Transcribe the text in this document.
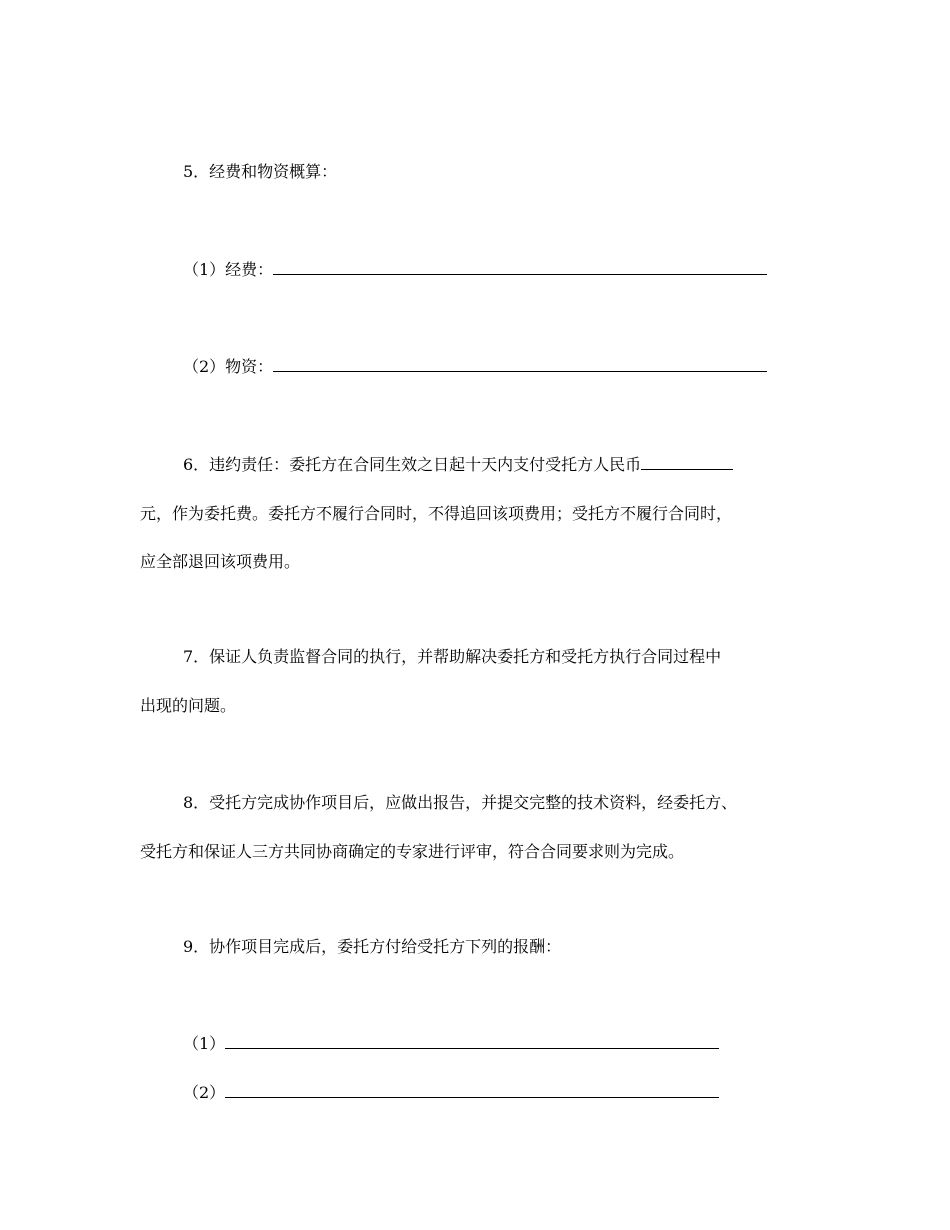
5．经费和物资概算：
（1）经费：
（2）物资：
6．违约责任：委托方在合同生效之日起十天内支付受托方人民币
元，作为委托费。委托方不履行合同时，不得追回该项费用；受托方不履行合同时，
应全部退回该项费用。
7．保证人负责监督合同的执行，并帮助解决委托方和受托方执行合同过程中
出现的问题。
8．受托方完成协作项目后，应做出报告，并提交完整的技术资料，经委托方、
受托方和保证人三方共同协商确定的专家进行评审，符合合同要求则为完成。
9．协作项目完成后，委托方付给受托方下列的报酬：
（1）
（2）
